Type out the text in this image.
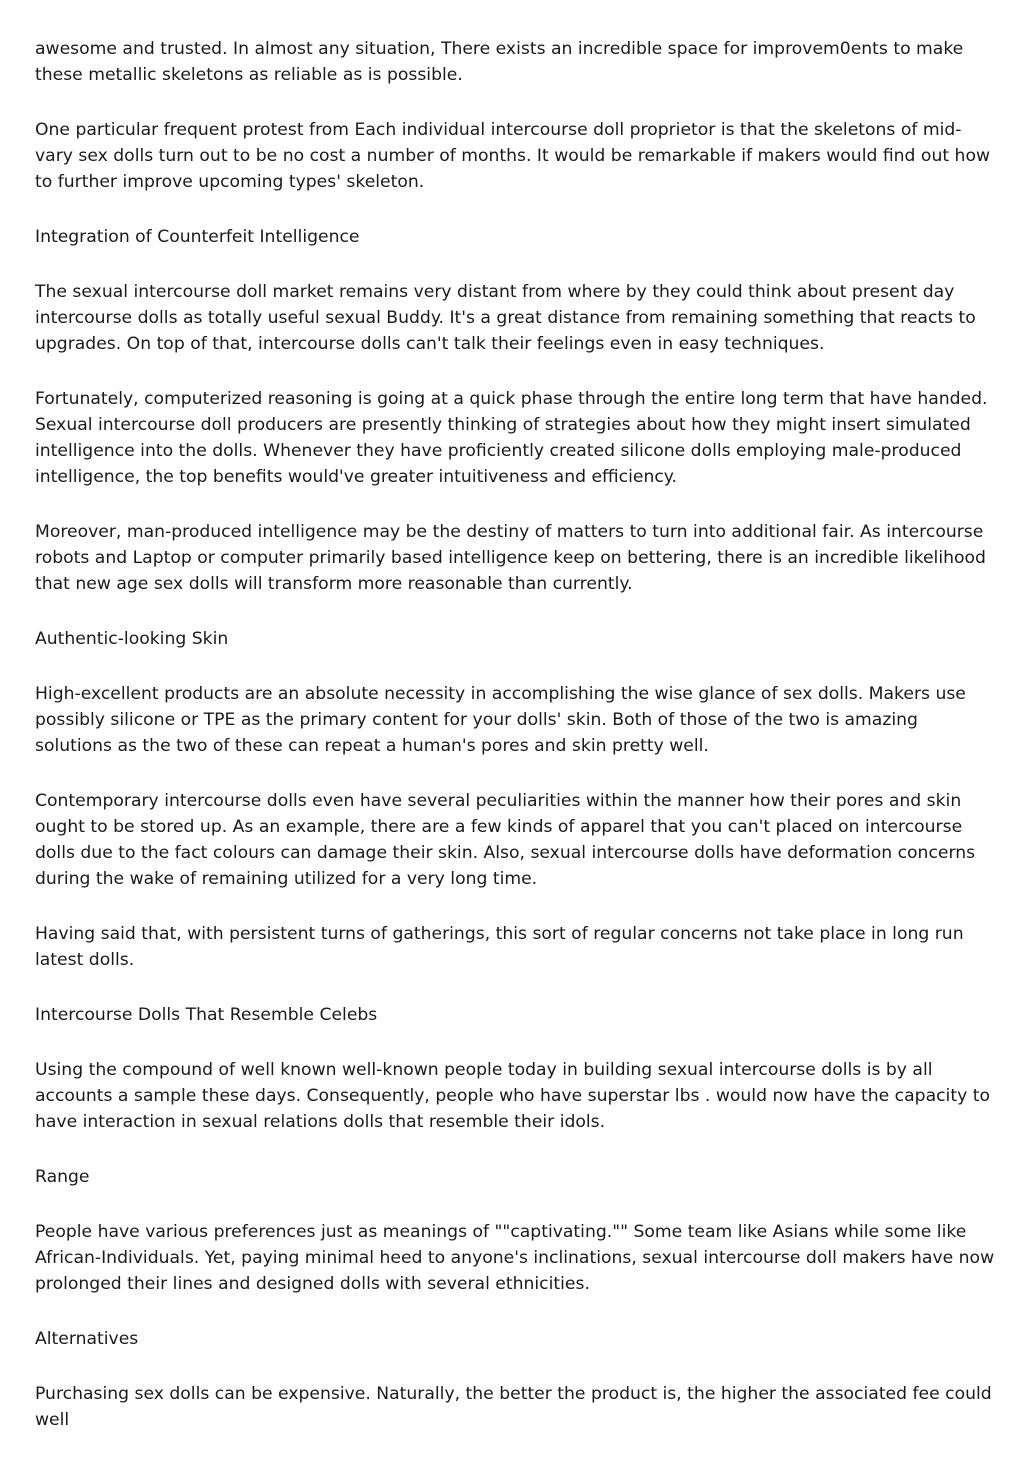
awesome and trusted. In almost any situation, There exists an incredible space for improvem0ents to make these metallic skeletons as reliable as is possible.

One particular frequent protest from Each individual intercourse doll proprietor is that the skeletons of mid-vary sex dolls turn out to be no cost a number of months. It would be remarkable if makers would find out how to further improve upcoming types' skeleton.

Integration of Counterfeit Intelligence

The sexual intercourse doll market remains very distant from where by they could think about present day intercourse dolls as totally useful sexual Buddy. It's a great distance from remaining something that reacts to upgrades. On top of that, intercourse dolls can't talk their feelings even in easy techniques.

Fortunately, computerized reasoning is going at a quick phase through the entire long term that have handed. Sexual intercourse doll producers are presently thinking of strategies about how they might insert simulated intelligence into the dolls. Whenever they have proficiently created silicone dolls employing male-produced intelligence, the top benefits would've greater intuitiveness and efficiency.

Moreover, man-produced intelligence may be the destiny of matters to turn into additional fair. As intercourse robots and Laptop or computer primarily based intelligence keep on bettering, there is an incredible likelihood that new age sex dolls will transform more reasonable than currently.

Authentic-looking Skin

High-excellent products are an absolute necessity in accomplishing the wise glance of sex dolls. Makers use possibly silicone or TPE as the primary content for your dolls' skin. Both of those of the two is amazing solutions as the two of these can repeat a human's pores and skin pretty well.

Contemporary intercourse dolls even have several peculiarities within the manner how their pores and skin ought to be stored up. As an example, there are a few kinds of apparel that you can't placed on intercourse dolls due to the fact colours can damage their skin. Also, sexual intercourse dolls have deformation concerns during the wake of remaining utilized for a very long time.

Having said that, with persistent turns of gatherings, this sort of regular concerns not take place in long run latest dolls.

Intercourse Dolls That Resemble Celebs

Using the compound of well known well-known people today in building sexual intercourse dolls is by all accounts a sample these days. Consequently, people who have superstar lbs . would now have the capacity to have interaction in sexual relations dolls that resemble their idols.

Range

People have various preferences just as meanings of ""captivating."" Some team like Asians while some like African-Individuals. Yet, paying minimal heed to anyone's inclinations, sexual intercourse doll makers have now prolonged their lines and designed dolls with several ethnicities.

Alternatives

Purchasing sex dolls can be expensive. Naturally, the better the product is, the higher the associated fee could well
